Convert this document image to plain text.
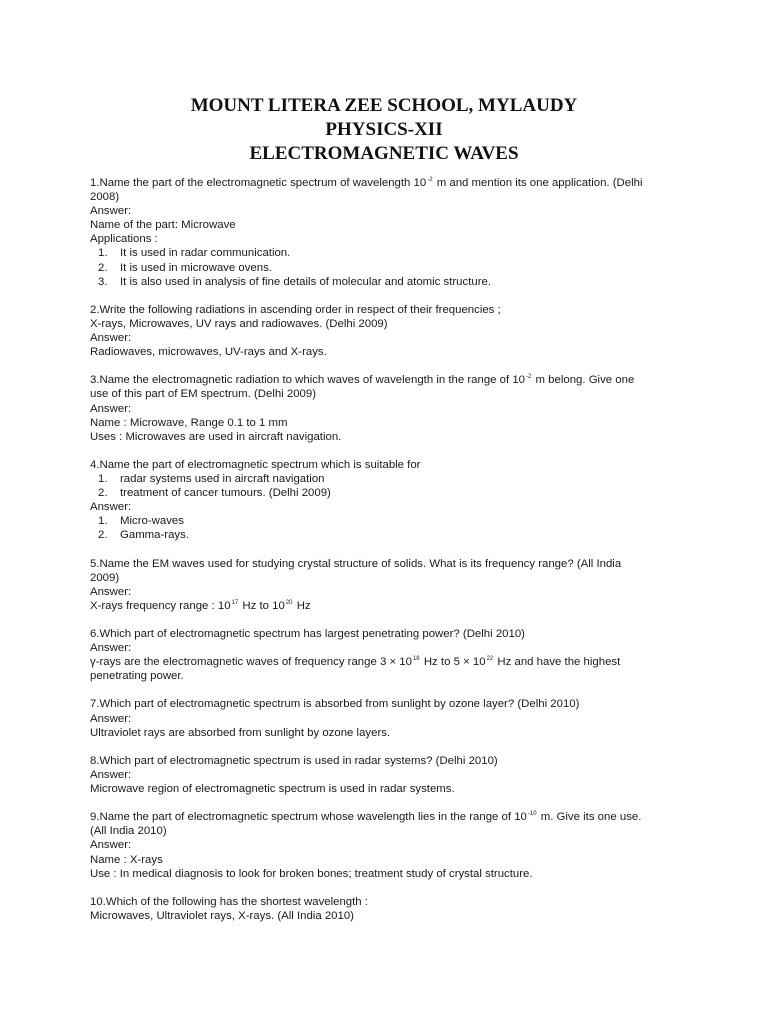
MOUNT LITERA ZEE SCHOOL, MYLAUDY
PHYSICS-XII
ELECTROMAGNETIC WAVES
1.Name the part of the electromagnetic spectrum of wavelength $10^{-2}$ m and mention its one application. (Delhi
2008)
Answer:
Name of the part: Microwave
Applications :
1. It is used in radar communication.
2. It is used in microwave ovens.
3. It is also used in analysis of fine details of molecular and atomic structure.
2.Write the following radiations in ascending order in respect of their frequencies ;
X-rays, Microwaves, UV rays and radiowaves. (Delhi 2009)
Answer:
Radiowaves, microwaves, UV-rays and X-rays.
3.Name the electromagnetic radiation to which waves of wavelength in the range of $10^{-2}$ m belong. Give one
use of this part of EM spectrum. (Delhi 2009)
Answer:
Name : Microwave, Range 0.1 to 1 mm
Uses : Microwaves are used in aircraft navigation.
4.Name the part of electromagnetic spectrum which is suitable for
1. radar systems used in aircraft navigation
2. treatment of cancer tumours. (Delhi 2009)
Answer:
1. Micro-waves
2. Gamma-rays.
5.Name the EM waves used for studying crystal structure of solids. What is its frequency range? (All India
2009)
Answer:
X-rays frequency range : $10^{17}$ Hz to $10^{20}$ Hz
6.Which part of electromagnetic spectrum has largest penetrating power? (Delhi 2010)
Answer:
γ-rays are the electromagnetic waves of frequency range $3 \times 10^{18}$ Hz to $5 \times 10^{22}$ Hz and have the highest
penetrating power.
7.Which part of electromagnetic spectrum is absorbed from sunlight by ozone layer? (Delhi 2010)
Answer:
Ultraviolet rays are absorbed from sunlight by ozone layers.
8.Which part of electromagnetic spectrum is used in radar systems? (Delhi 2010)
Answer:
Microwave region of electromagnetic spectrum is used in radar systems.
9.Name the part of electromagnetic spectrum whose wavelength lies in the range of $10^{-10}$ m. Give its one use.
(All India 2010)
Answer:
Name : X-rays
Use : In medical diagnosis to look for broken bones; treatment study of crystal structure.
10.Which of the following has the shortest wavelength :
Microwaves, Ultraviolet rays, X-rays. (All India 2010)
